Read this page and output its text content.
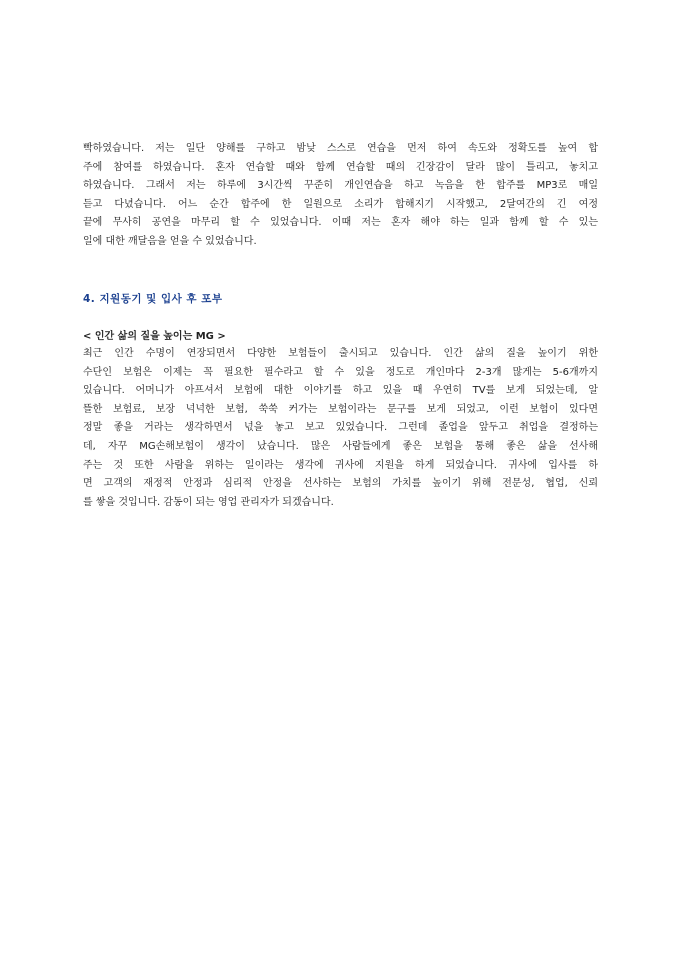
빡하였습니다. 저는 일단 양해를 구하고 밤낮 스스로 연습을 먼저 하여 속도와 정확도를 높여 합
주에 참여를 하였습니다. 혼자 연습할 때와 함께 연습할 때의 긴장감이 달라 많이 틀리고, 놓치고
하였습니다. 그래서 저는 하루에 3시간씩 꾸준히 개인연습을 하고 녹음을 한 합주를 MP3로 매일
듣고 다녔습니다. 어느 순간 합주에 한 일원으로 소리가 합해지기 시작했고, 2달여간의 긴 여정
끝에 무사히 공연을 마무리 할 수 있었습니다. 이때 저는 혼자 해야 하는 일과 함께 할 수 있는
일에 대한 깨달음을 얻을 수 있었습니다.
4. 지원동기 및 입사 후 포부

< 인간 삶의 질을 높이는 MG >

최근 인간 수명이 연장되면서 다양한 보험들이 출시되고 있습니다. 인간 삶의 질을 높이기 위한
수단인 보험은 이제는 꼭 필요한 필수라고 할 수 있을 정도로 개인마다 2-3개 많게는 5-6개까지
있습니다. 어머니가 아프셔서 보험에 대한 이야기를 하고 있을 때 우연히 TV를 보게 되었는데, 알
뜰한 보험료, 보장 넉넉한 보험, 쑥쑥 커가는 보험이라는 문구를 보게 되었고, 이런 보험이 있다면
정말 좋을 거라는 생각하면서 넋을 놓고 보고 있었습니다. 그런데 졸업을 앞두고 취업을 결정하는
데, 자꾸 MG손해보험이 생각이 났습니다. 많은 사람들에게 좋은 보험을 통해 좋은 삶을 선사해
주는 것 또한 사람을 위하는 일이라는 생각에 귀사에 지원을 하게 되었습니다. 귀사에 입사를 하
면 고객의 재정적 안정과 심리적 안정을 선사하는 보험의 가치를 높이기 위해 전문성, 협업, 신뢰
를 쌓을 것입니다. 감동이 되는 영업 관리자가 되겠습니다.
